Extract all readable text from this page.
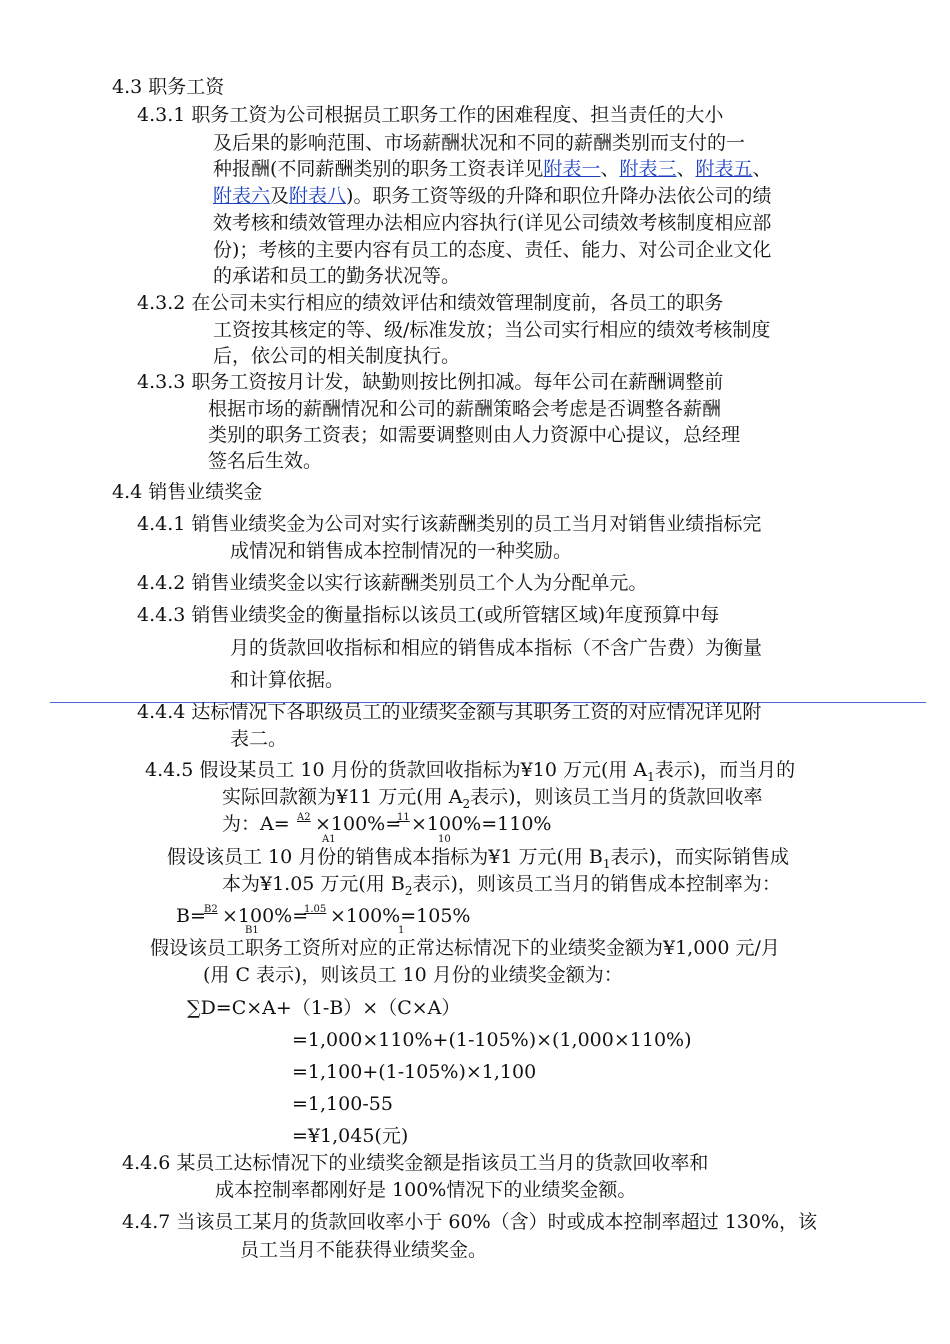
4.3 职务工资
4.3.1 职务工资为公司根据员工职务工作的困难程度、担当责任的大小
及后果的影响范围、市场薪酬状况和不同的薪酬类别而支付的一
种报酬(不同薪酬类别的职务工资表详见附表一、附表三、附表五、
附表六及附表八)。职务工资等级的升降和职位升降办法依公司的绩
效考核和绩效管理办法相应内容执行(详见公司绩效考核制度相应部
份)；考核的主要内容有员工的态度、责任、能力、对公司企业文化
的承诺和员工的勤务状况等。
4.3.2 在公司未实行相应的绩效评估和绩效管理制度前，各员工的职务
工资按其核定的等、级/标准发放；当公司实行相应的绩效考核制度
后，依公司的相关制度执行。
4.3.3 职务工资按月计发，缺勤则按比例扣减。每年公司在薪酬调整前
根据市场的薪酬情况和公司的薪酬策略会考虑是否调整各薪酬
类别的职务工资表；如需要调整则由人力资源中心提议，总经理
签名后生效。
4.4 销售业绩奖金
4.4.1 销售业绩奖金为公司对实行该薪酬类别的员工当月对销售业绩指标完
成情况和销售成本控制情况的一种奖励。
4.4.2 销售业绩奖金以实行该薪酬类别员工个人为分配单元。
4.4.3 销售业绩奖金的衡量指标以该员工(或所管辖区域)年度预算中每
月的货款回收指标和相应的销售成本指标（不含广告费）为衡量
和计算依据。
4.4.4 达标情况下各职级员工的业绩奖金额与其职务工资的对应情况详见附
表二。
4.4.5 假设某员工 10 月份的货款回收指标为¥10 万元(用 $A_1$表示)，而当月的
实际回款额为¥11 万元(用 $A_2$表示)，则该员工当月的货款回收率
为：A= A2
A1
×100%=
11
10
×100%=110%
假设该员工 10 月份的销售成本指标为¥1 万元(用 $B_1$表示)，而实际销售成
本为¥1.05 万元(用 $B_2$表示)，则该员工当月的销售成本控制率为：
B=
B2
B1
×100%=
1.05
1
×100%=105%
假设该员工职务工资所对应的正常达标情况下的业绩奖金额为¥1,000 元/月
(用 C 表示)，则该员工 10 月份的业绩奖金额为：
∑D=C×A+（1-B）×（C×A）
=1,000×110%+(1-105%)×(1,000×110%)
=1,100+(1-105%)×1,100
=1,100-55
=¥1,045(元)
4.4.6 某员工达标情况下的业绩奖金额是指该员工当月的货款回收率和
成本控制率都刚好是 100%情况下的业绩奖金额。
4.4.7 当该员工某月的货款回收率小于 60%（含）时或成本控制率超过 130%，该
员工当月不能获得业绩奖金。
